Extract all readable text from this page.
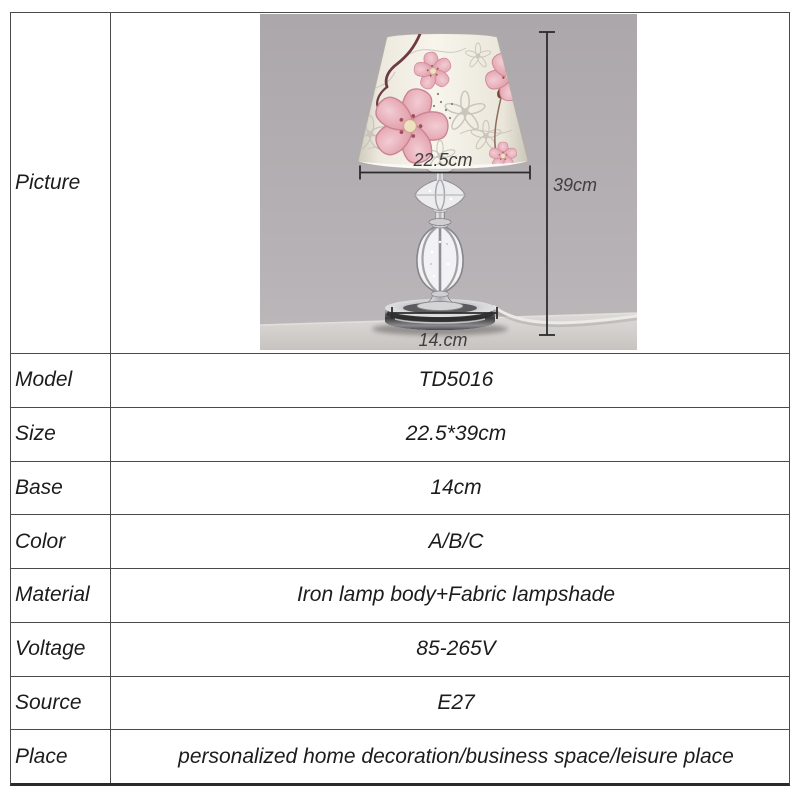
Picture
22.5cm
39cm
14.cm
Model	TD5016
Size	22.5*39cm
Base	14cm
Color	A/B/C
Material	Iron lamp body+Fabric lampshade
Voltage	85-265V
Source	E27
Place	personalized home decoration/business space/leisure place
